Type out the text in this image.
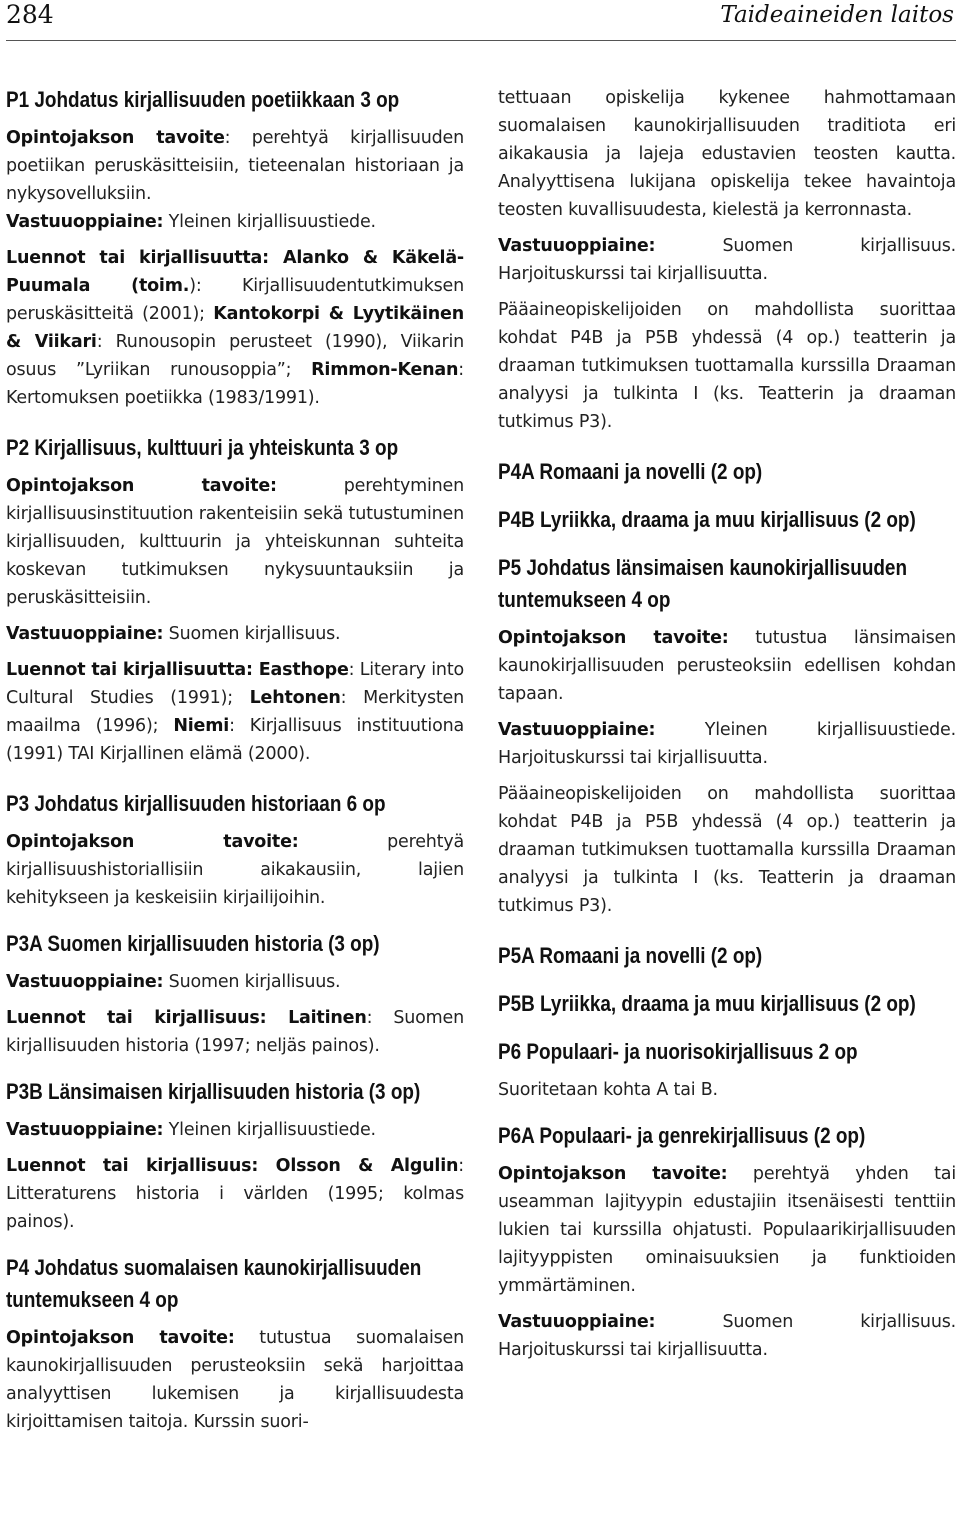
284	Taideaineiden laitos
P1 Johdatus kirjallisuuden poetiikkaan 3 op

Opintojakson tavoite: perehtyä kirjallisuuden poetiikan peruskäsitteisiin, tieteenalan historiaan ja nykysovelluksiin.

Vastuuoppiaine: Yleinen kirjallisuustiede.

Luennot tai kirjallisuutta: Alanko & Käkelä-Puumala (toim.): Kirjallisuudentutkimuksen peruskäsitteitä (2001); Kantokorpi & Lyytikäinen & Viikari: Runousopin perusteet (1990), Viikarin osuus ”Lyriikan runousoppia”; Rimmon-Kenan: Kertomuksen poetiikka (1983/1991).

P2 Kirjallisuus, kulttuuri ja yhteiskunta 3 op

Opintojakson tavoite: perehtyminen kirjallisuusinstituution rakenteisiin sekä tutustuminen kirjallisuuden, kulttuurin ja yhteiskunnan suhteita koskevan tutkimuksen nykysuuntauksiin ja peruskäsitteisiin.

Vastuuoppiaine: Suomen kirjallisuus.

Luennot tai kirjallisuutta: Easthope: Literary into Cultural Studies (1991); Lehtonen: Merkitysten maailma (1996); Niemi: Kirjallisuus instituutiona (1991) TAI Kirjallinen elämä (2000).

P3 Johdatus kirjallisuuden historiaan 6 op

Opintojakson tavoite: perehtyä kirjallisuushistoriallisiin aikakausiin, lajien kehitykseen ja keskeisiin kirjailijoihin.

P3A Suomen kirjallisuuden historia (3 op)

Vastuuoppiaine: Suomen kirjallisuus.

Luennot tai kirjallisuus: Laitinen: Suomen kirjallisuuden historia (1997; neljäs painos).

P3B Länsimaisen kirjallisuuden historia (3 op)

Vastuuoppiaine: Yleinen kirjallisuustiede.

Luennot tai kirjallisuus: Olsson & Algulin: Litteraturens historia i världen (1995; kolmas painos).

P4 Johdatus suomalaisen kaunokirjallisuuden tuntemukseen 4 op

Opintojakson tavoite: tutustua suomalaisen kaunokirjallisuuden perusteoksiin sekä harjoittaa analyyttisen lukemisen ja kirjallisuudesta kirjoittamisen taitoja. Kurssin suori-

tettuaan opiskelija kykenee hahmottamaan suomalaisen kaunokirjallisuuden traditiota eri aikakausia ja lajeja edustavien teosten kautta. Analyyttisena lukijana opiskelija tekee havaintoja teosten kuvallisuudesta, kielestä ja kerronnasta.

Vastuuoppiaine: Suomen kirjallisuus. Harjoituskurssi tai kirjallisuutta.

Pääaineopiskelijoiden on mahdollista suorittaa kohdat P4B ja P5B yhdessä (4 op.) teatterin ja draaman tutkimuksen tuottamalla kurssilla Draaman analyysi ja tulkinta I (ks. Teatterin ja draaman tutkimus P3).

P4A Romaani ja novelli (2 op)
P4B Lyriikka, draama ja muu kirjallisuus (2 op)
P5 Johdatus länsimaisen kaunokirjallisuuden tuntemukseen 4 op

Opintojakson tavoite: tutustua länsimaisen kaunokirjallisuuden perusteoksiin edellisen kohdan tapaan.

Vastuuoppiaine: Yleinen kirjallisuustiede. Harjoituskurssi tai kirjallisuutta.

Pääaineopiskelijoiden on mahdollista suorittaa kohdat P4B ja P5B yhdessä (4 op.) teatterin ja draaman tutkimuksen tuottamalla kurssilla Draaman analyysi ja tulkinta I (ks. Teatterin ja draaman tutkimus P3).

P5A Romaani ja novelli (2 op)
P5B Lyriikka, draama ja muu kirjallisuus (2 op)
P6 Populaari- ja nuorisokirjallisuus 2 op

Suoritetaan kohta A tai B.

P6A Populaari- ja genrekirjallisuus (2 op)

Opintojakson tavoite: perehtyä yhden tai useamman lajityypin edustajiin itsenäisesti tenttiin lukien tai kurssilla ohjatusti. Populaarikirjallisuuden lajityyppisten ominaisuuksien ja funktioiden ymmärtäminen.

Vastuuoppiaine: Suomen kirjallisuus. Harjoituskurssi tai kirjallisuutta.
